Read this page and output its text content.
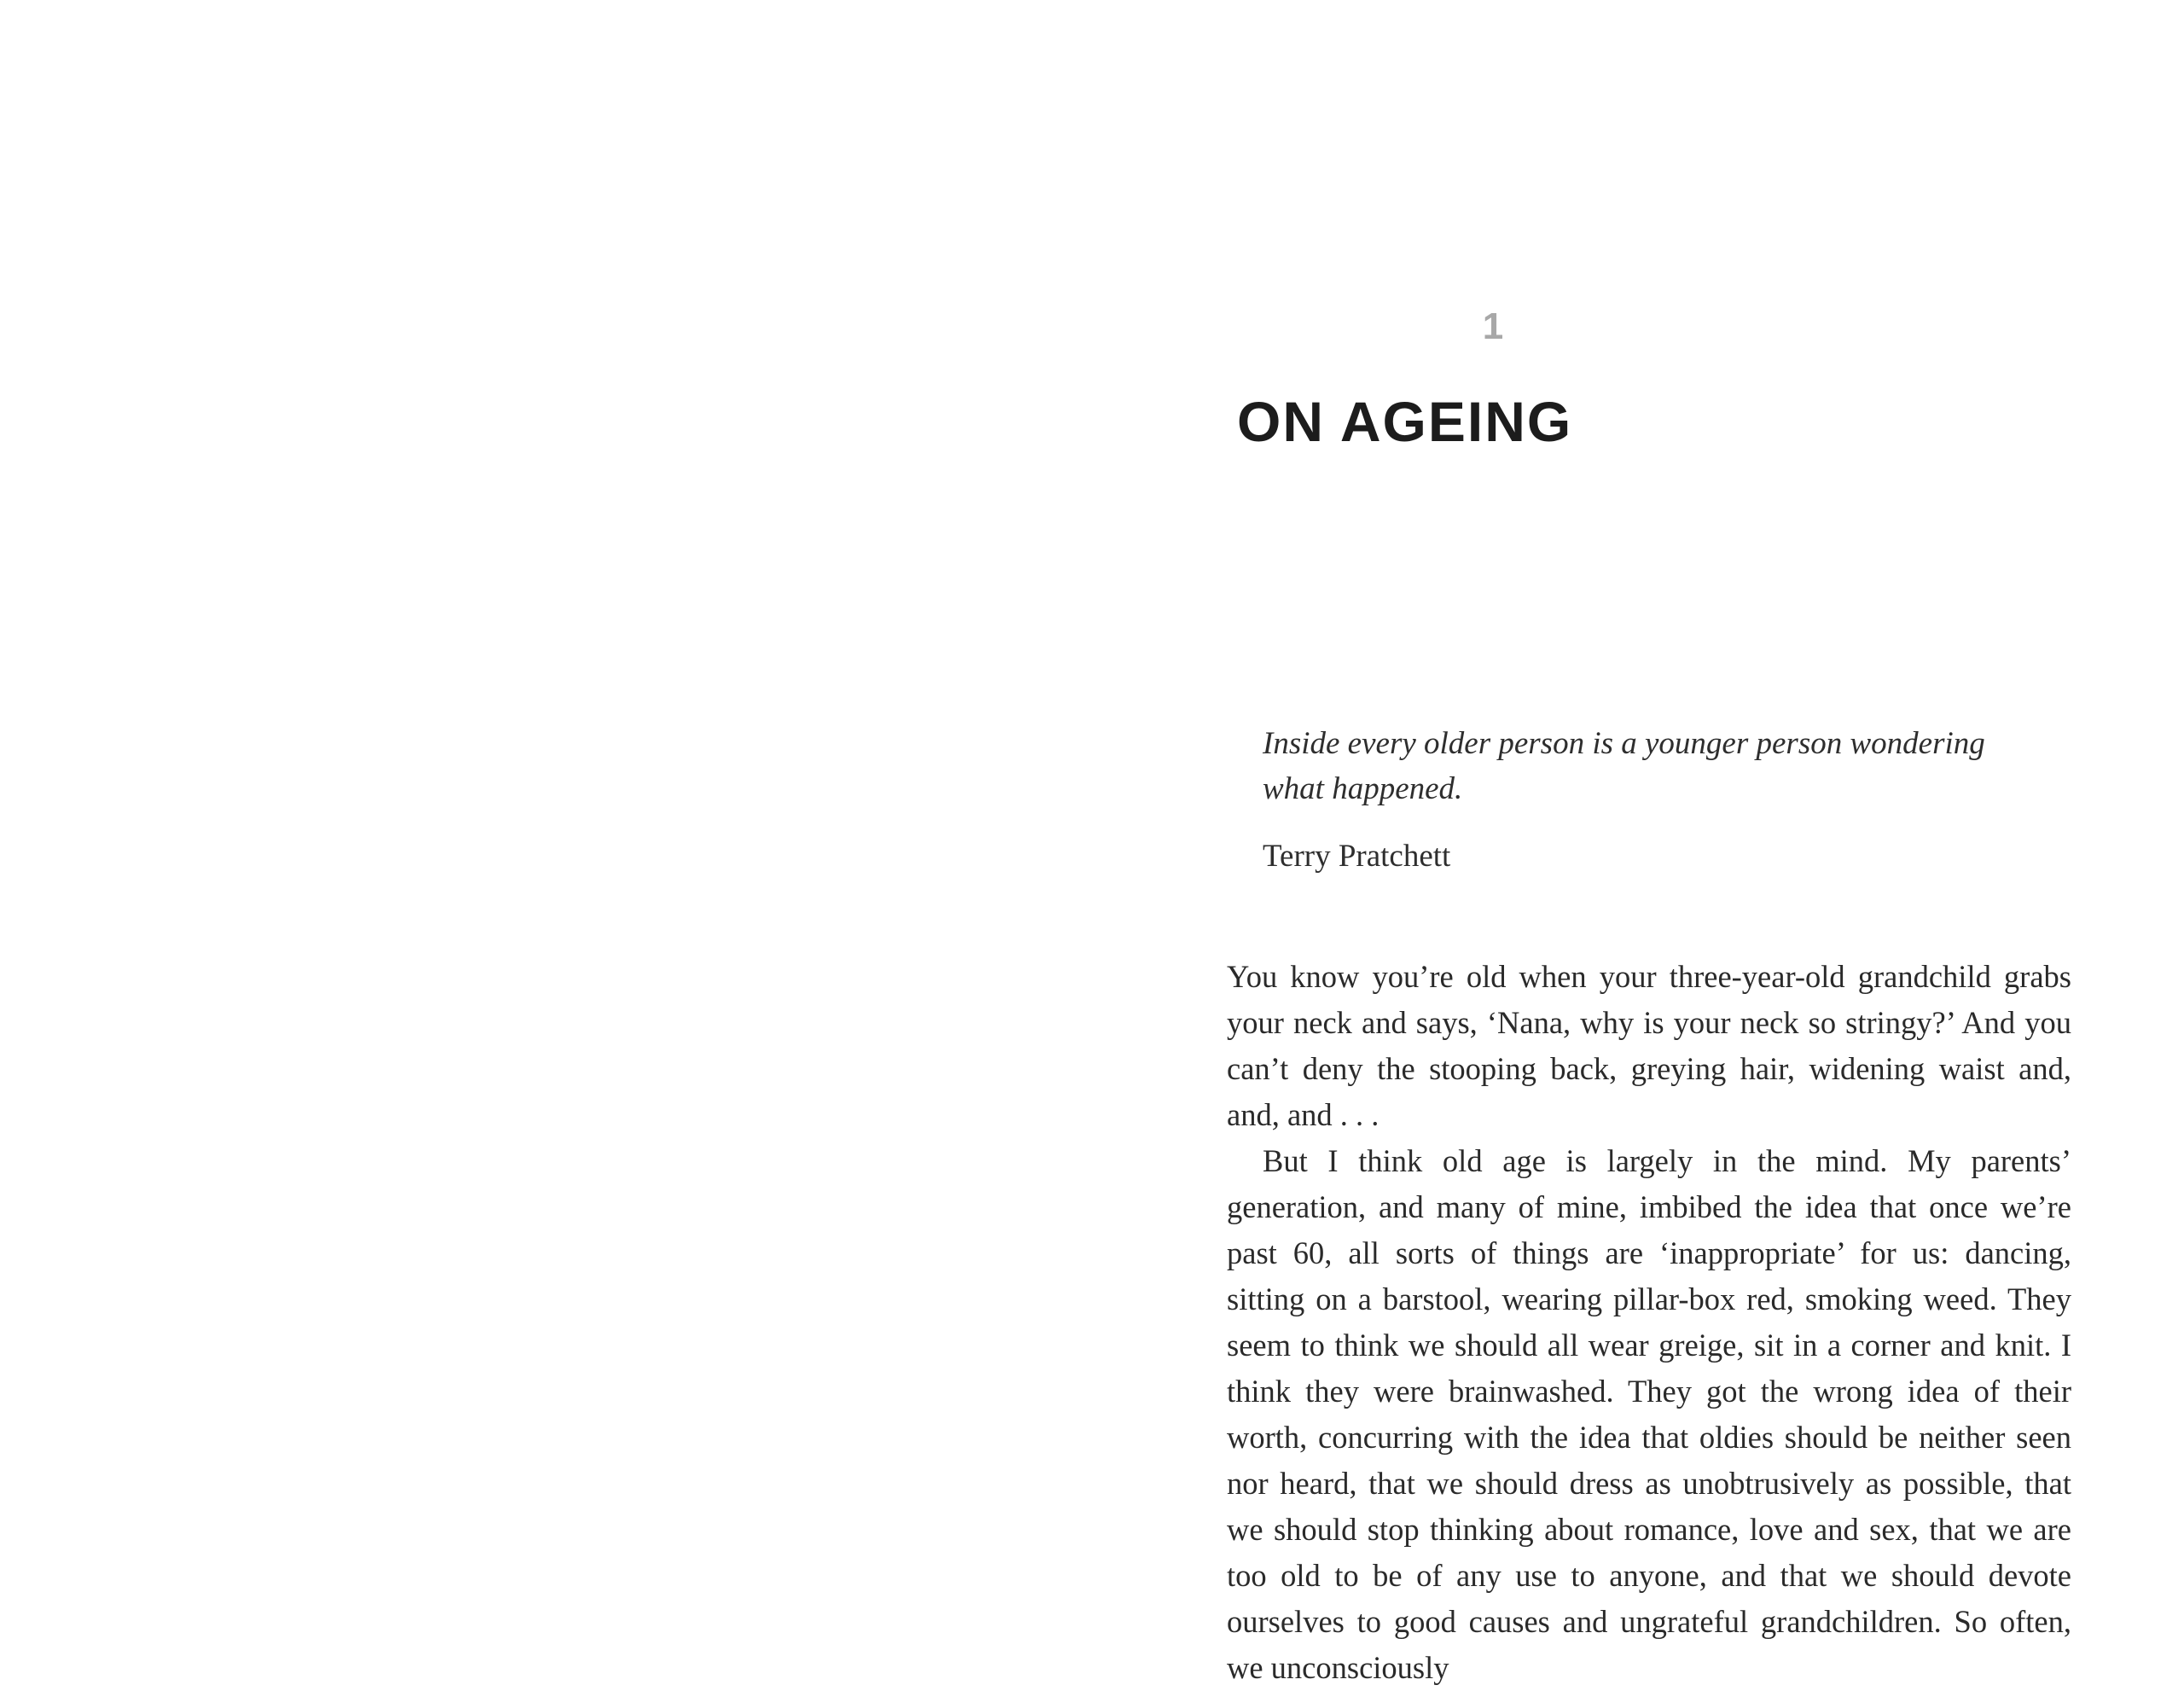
1
ON AGEING

Inside every older person is a younger person wondering what happened.

Terry Pratchett

You know you’re old when your three-year-old grandchild grabs your neck and says, ‘Nana, why is your neck so stringy?’ And you can’t deny the stooping back, greying hair, widening waist and, and, and . . .

But I think old age is largely in the mind. My parents’ generation, and many of mine, imbibed the idea that once we’re past 60, all sorts of things are ‘inappropriate’ for us: dancing, sitting on a barstool, wearing pillar-box red, smoking weed. They seem to think we should all wear greige, sit in a corner and knit. I think they were brainwashed. They got the wrong idea of their worth, concurring with the idea that oldies should be neither seen nor heard, that we should dress as unobtrusively as possible, that we should stop thinking about romance, love and sex, that we are too old to be of any use to anyone, and that we should devote ourselves to good causes and ungrateful grandchildren. So often, we unconsciously
